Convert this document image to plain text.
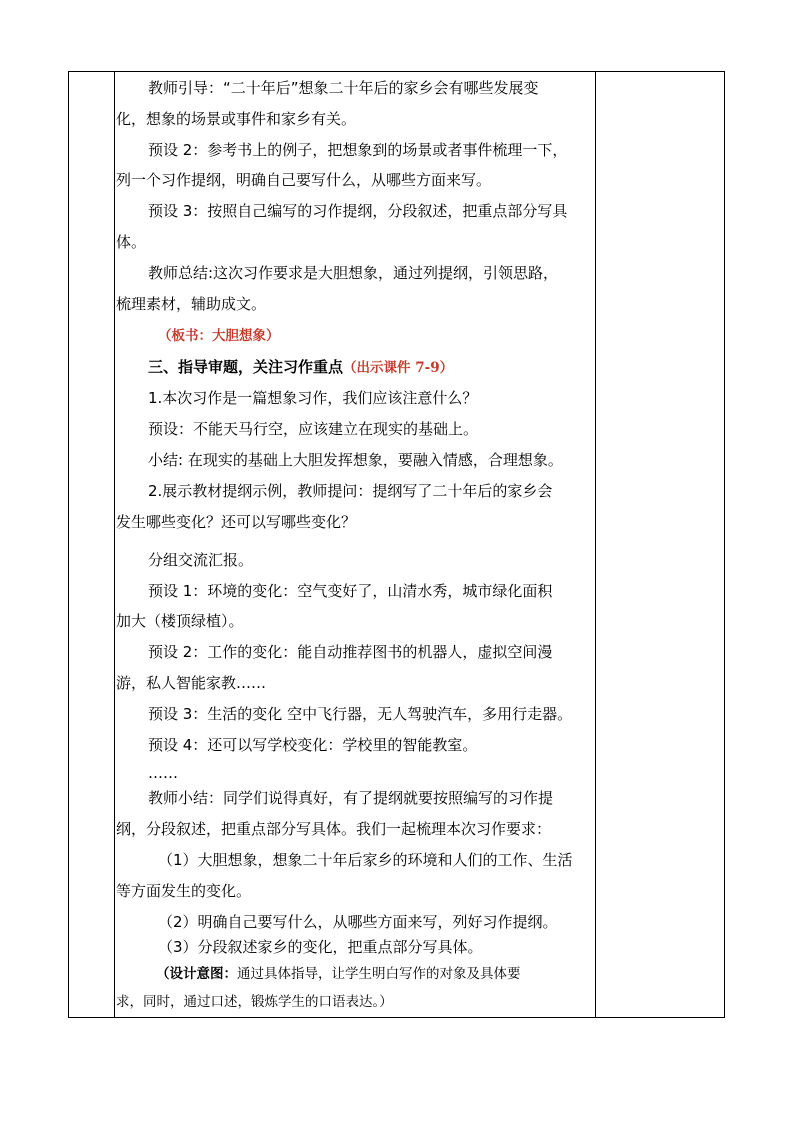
教师引导：“二十年后”想象二十年后的家乡会有哪些发展变
化，想象的场景或事件和家乡有关。
预设 2：参考书上的例子，把想象到的场景或者事件梳理一下，
列一个习作提纲，明确自己要写什么，从哪些方面来写。
预设 3：按照自己编写的习作提纲，分段叙述，把重点部分写具
体。
教师总结:这次习作要求是大胆想象，通过列提纲，引领思路，
梳理素材，辅助成文。
（板书：大胆想象）
三、指导审题，关注习作重点（出示课件 7-9）
1.本次习作是一篇想象习作，我们应该注意什么？
预设：不能天马行空，应该建立在现实的基础上。
小结: 在现实的基础上大胆发挥想象，要融入情感，合理想象。
2.展示教材提纲示例，教师提问：提纲写了二十年后的家乡会
发生哪些变化？还可以写哪些变化？
分组交流汇报。
预设 1：环境的变化：空气变好了，山清水秀，城市绿化面积
加大（楼顶绿植）。
预设 2：工作的变化：能自动推荐图书的机器人，虚拟空间漫
游，私人智能家教……
预设 3：生活的变化 空中飞行器，无人驾驶汽车，多用行走器。
预设 4：还可以写学校变化：学校里的智能教室。
……
教师小结：同学们说得真好，有了提纲就要按照编写的习作提
纲，分段叙述，把重点部分写具体。我们一起梳理本次习作要求：
（1）大胆想象，想象二十年后家乡的环境和人们的工作、生活
等方面发生的变化。
（2）明确自己要写什么，从哪些方面来写，列好习作提纲。
（3）分段叙述家乡的变化，把重点部分写具体。
（设计意图：通过具体指导，让学生明白写作的对象及具体要
求，同时，通过口述，锻炼学生的口语表达。）
